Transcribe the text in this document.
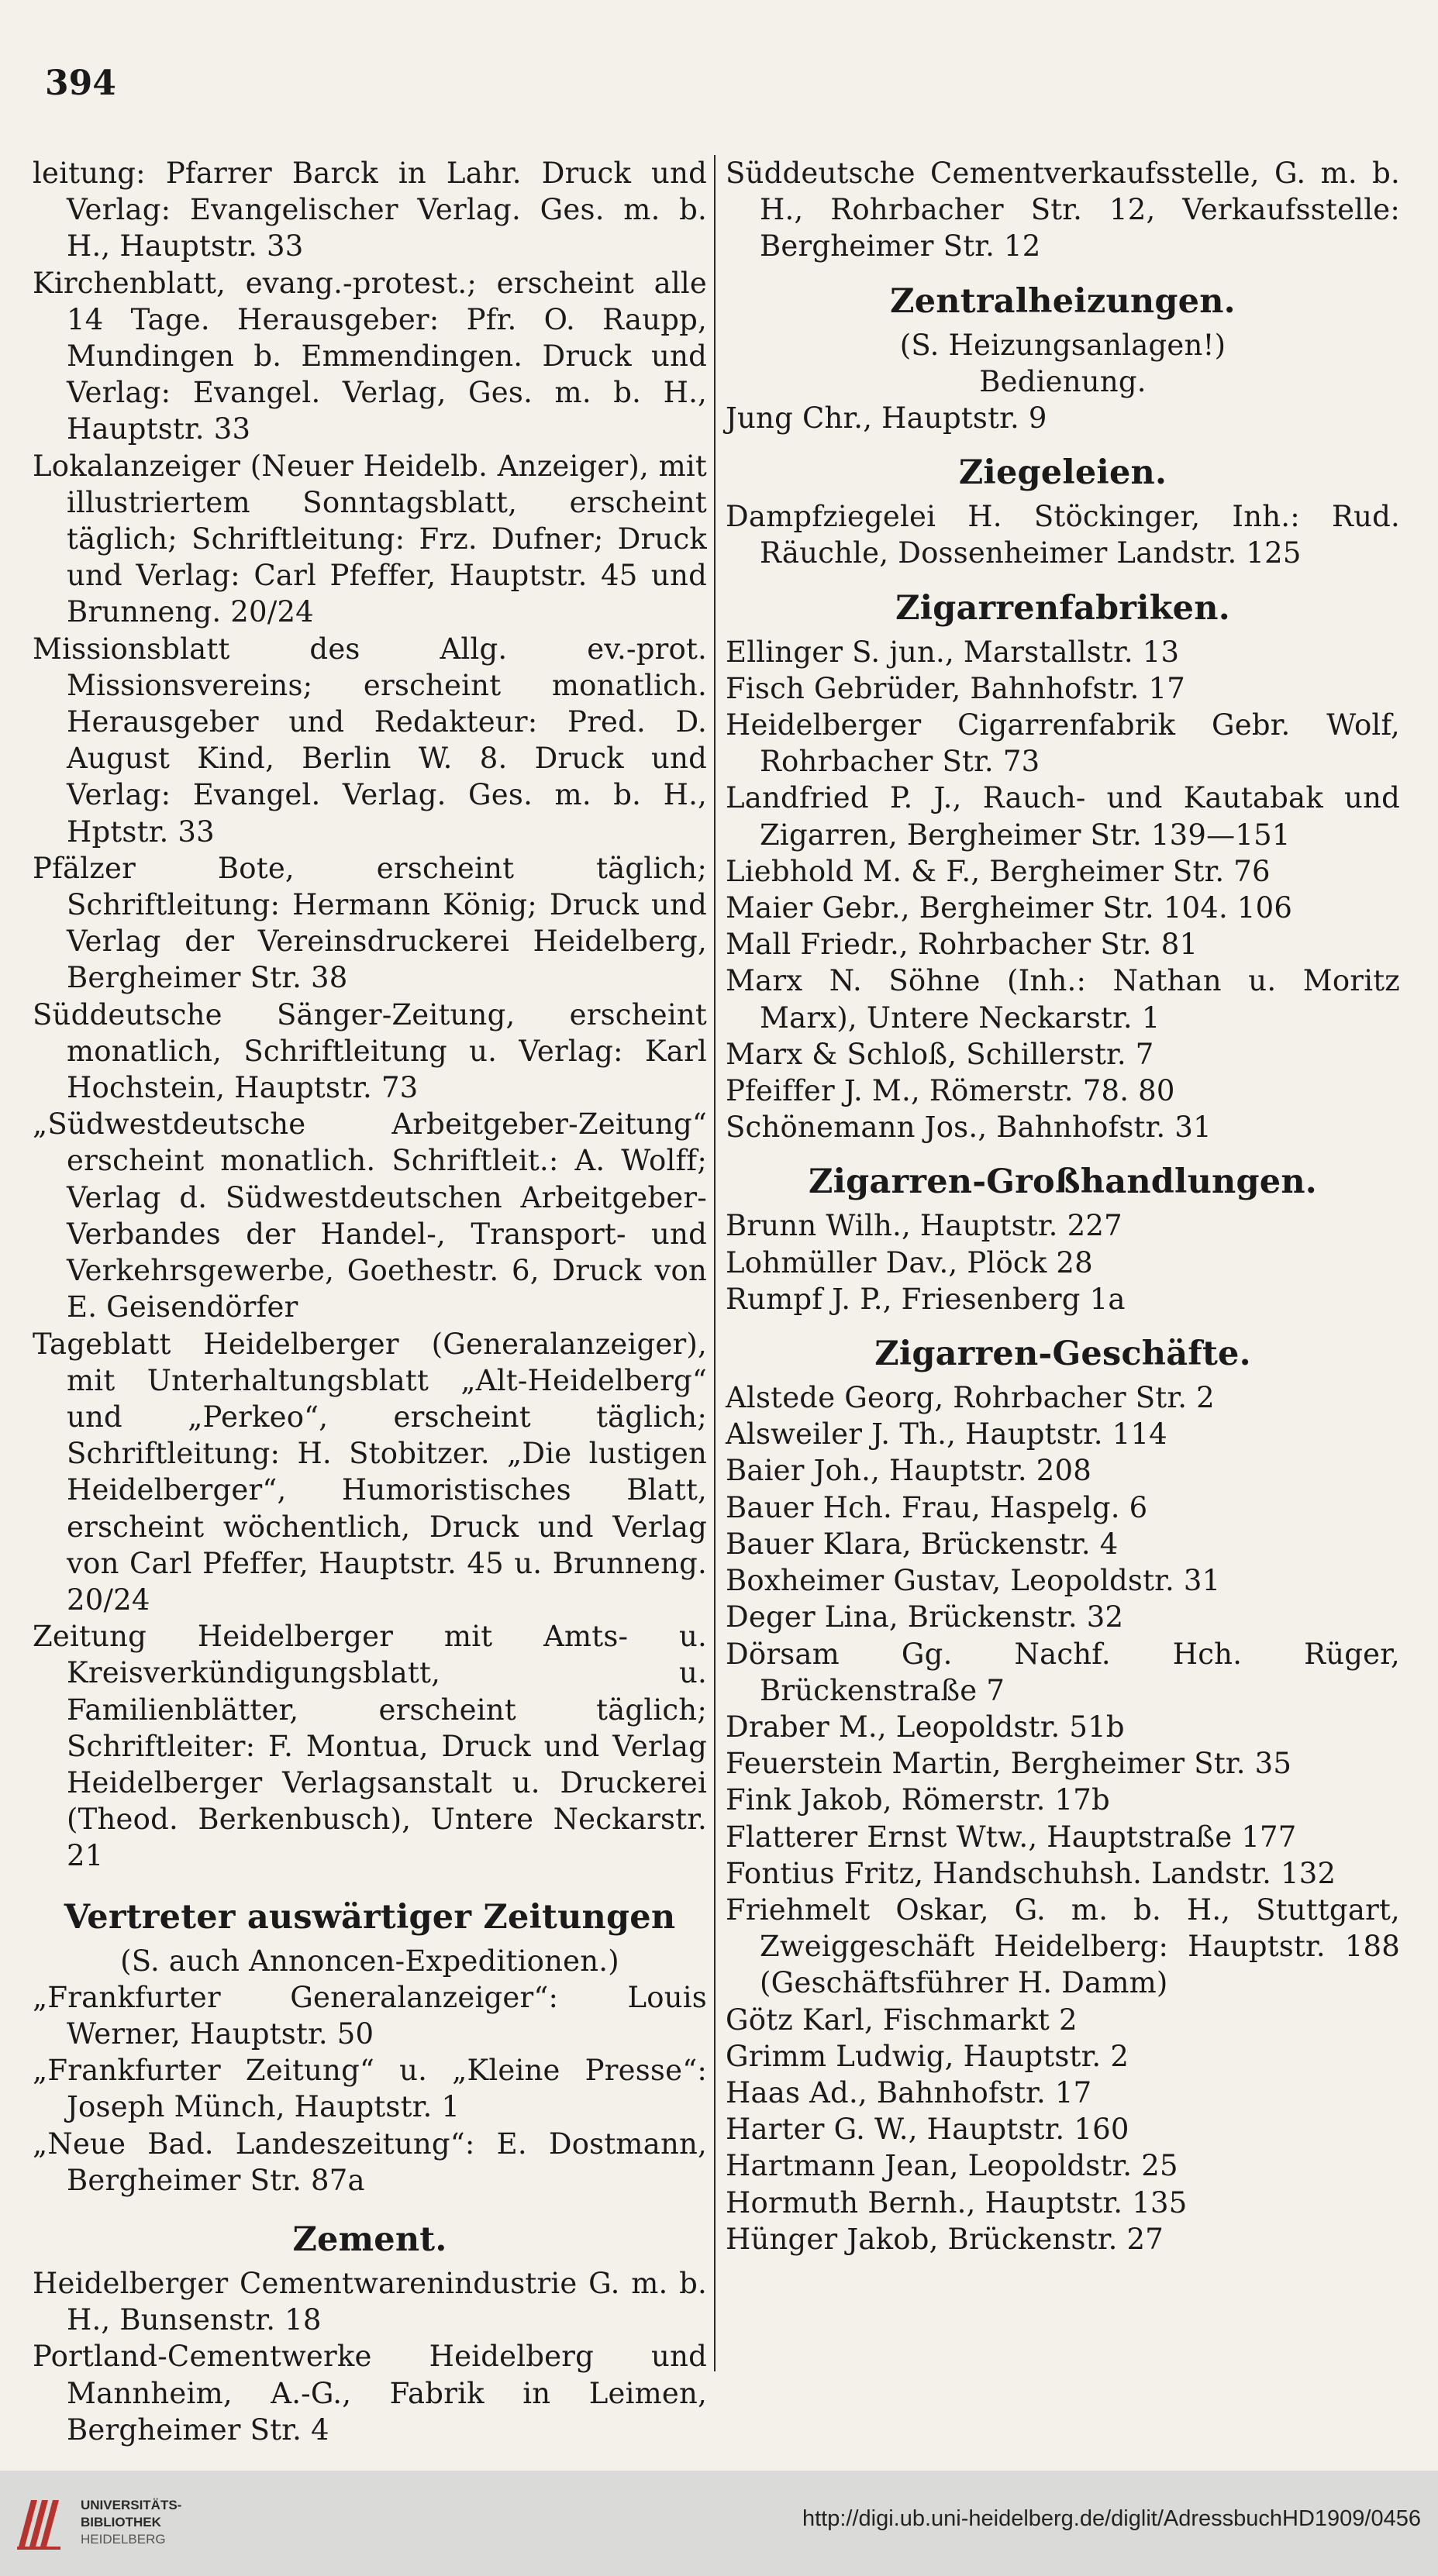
394

leitung: Pfarrer Barck in Lahr. Druck und Verlag: Evangelischer Verlag. Ges. m. b. H., Hauptstr. 33

Kirchenblatt, evang.-protest.; erscheint alle 14 Tage. Herausgeber: Pfr. O. Raupp, Mundingen b. Emmendingen. Druck und Verlag: Evangel. Verlag, Ges. m. b. H., Hauptstr. 33

Lokalanzeiger (Neuer Heidelb. Anzeiger), mit illustriertem Sonntagsblatt, erscheint täglich; Schriftleitung: Frz. Dufner; Druck und Verlag: Carl Pfeffer, Hauptstr. 45 und Brunneng. 20/24

Missionsblatt des Allg. ev.-prot. Missionsvereins; erscheint monatlich. Herausgeber und Redakteur: Pred. D. August Kind, Berlin W. 8. Druck und Verlag: Evangel. Verlag. Ges. m. b. H., Hptstr. 33

Pfälzer Bote, erscheint täglich; Schriftleitung: Hermann König; Druck und Verlag der Vereinsdruckerei Heidelberg, Bergheimer Str. 38

Süddeutsche Sänger-Zeitung, erscheint monatlich, Schriftleitung u. Verlag: Karl Hochstein, Hauptstr. 73

„Südwestdeutsche Arbeitgeber-Zeitung“ erscheint monatlich. Schriftleit.: A. Wolff; Verlag d. Südwestdeutschen Arbeitgeber-Verbandes der Handel-, Transport- und Verkehrsgewerbe, Goethestr. 6, Druck von E. Geisendörfer

Tageblatt Heidelberger (Generalanzeiger), mit Unterhaltungsblatt „Alt-Heidelberg“ und „Perkeo“, erscheint täglich; Schriftleitung: H. Stobitzer. „Die lustigen Heidelberger“, Humoristisches Blatt, erscheint wöchentlich, Druck und Verlag von Carl Pfeffer, Hauptstr. 45 u. Brunneng. 20/24

Zeitung Heidelberger mit Amts- u. Kreisverkündigungsblatt, u. Familienblätter, erscheint täglich; Schriftleiter: F. Montua, Druck und Verlag Heidelberger Verlagsanstalt u. Druckerei (Theod. Berkenbusch), Untere Neckarstr. 21

Vertreter auswärtiger Zeitungen

(S. auch Annoncen-Expeditionen.)

„Frankfurter Generalanzeiger“: Louis Werner, Hauptstr. 50

„Frankfurter Zeitung“ u. „Kleine Presse“: Joseph Münch, Hauptstr. 1

„Neue Bad. Landeszeitung“: E. Dostmann, Bergheimer Str. 87a

Zement.

Heidelberger Cementwarenindustrie G. m. b. H., Bunsenstr. 18

Portland-Cementwerke Heidelberg und Mannheim, A.-G., Fabrik in Leimen, Bergheimer Str. 4

Süddeutsche Cementverkaufsstelle, G. m. b. H., Rohrbacher Str. 12, Verkaufsstelle: Bergheimer Str. 12

Zentralheizungen.

(S. Heizungsanlagen!)

Bedienung.

Jung Chr., Hauptstr. 9

Ziegeleien.

Dampfziegelei H. Stöckinger, Inh.: Rud. Räuchle, Dossenheimer Landstr. 125

Zigarrenfabriken.

Ellinger S. jun., Marstallstr. 13

Fisch Gebrüder, Bahnhofstr. 17

Heidelberger Cigarrenfabrik Gebr. Wolf, Rohrbacher Str. 73

Landfried P. J., Rauch- und Kautabak und Zigarren, Bergheimer Str. 139—151

Liebhold M. & F., Bergheimer Str. 76

Maier Gebr., Bergheimer Str. 104. 106

Mall Friedr., Rohrbacher Str. 81

Marx N. Söhne (Inh.: Nathan u. Moritz Marx), Untere Neckarstr. 1

Marx & Schloß, Schillerstr. 7

Pfeiffer J. M., Römerstr. 78. 80

Schönemann Jos., Bahnhofstr. 31

Zigarren-Großhandlungen.

Brunn Wilh., Hauptstr. 227

Lohmüller Dav., Plöck 28

Rumpf J. P., Friesenberg 1a

Zigarren-Geschäfte.

Alstede Georg, Rohrbacher Str. 2

Alsweiler J. Th., Hauptstr. 114

Baier Joh., Hauptstr. 208

Bauer Hch. Frau, Haspelg. 6

Bauer Klara, Brückenstr. 4

Boxheimer Gustav, Leopoldstr. 31

Deger Lina, Brückenstr. 32

Dörsam Gg. Nachf. Hch. Rüger, Brückenstraße 7

Draber M., Leopoldstr. 51b

Feuerstein Martin, Bergheimer Str. 35

Fink Jakob, Römerstr. 17b

Flatterer Ernst Wtw., Hauptstraße 177

Fontius Fritz, Handschuhsh. Landstr. 132

Friehmelt Oskar, G. m. b. H., Stuttgart, Zweiggeschäft Heidelberg: Hauptstr. 188 (Geschäftsführer H. Damm)

Götz Karl, Fischmarkt 2

Grimm Ludwig, Hauptstr. 2

Haas Ad., Bahnhofstr. 17

Harter G. W., Hauptstr. 160

Hartmann Jean, Leopoldstr. 25

Hormuth Bernh., Hauptstr. 135

Hünger Jakob, Brückenstr. 27

UNIVERSITÄTS-
BIBLIOTHEK
HEIDELBERG
http://digi.ub.uni-heidelberg.de/diglit/AdressbuchHD1909/0456
